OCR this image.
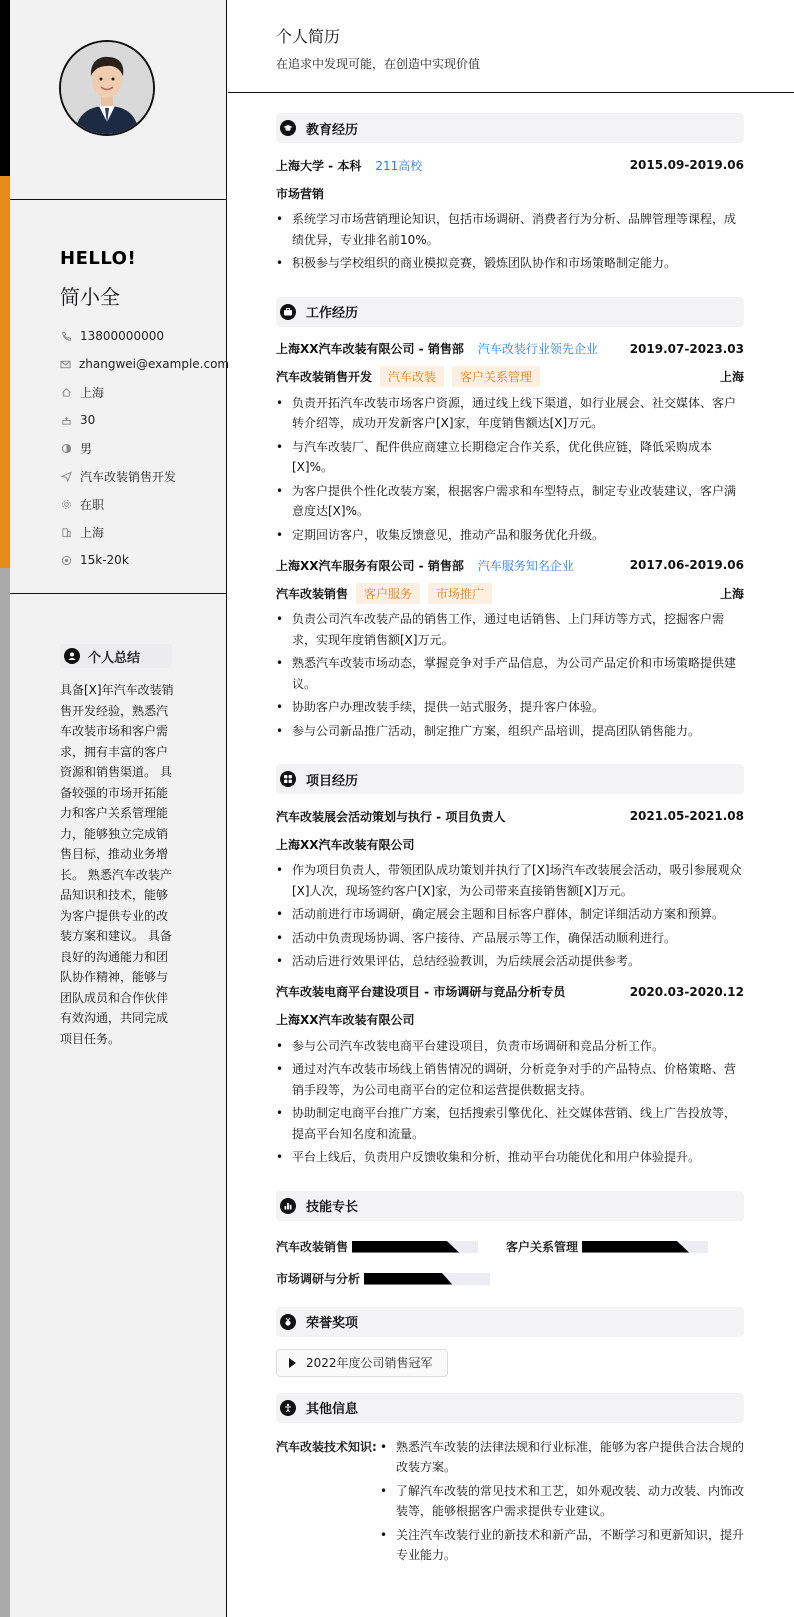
HELLO!
简小全
13800000000
zhangwei@example.com
上海
30
男
汽车改装销售开发
在职
上海
15k-20k
个人总结
具备[X]年汽车改装销售开发经验，熟悉汽车改装市场和客户需求，拥有丰富的客户资源和销售渠道。 具备较强的市场开拓能力和客户关系管理能力，能够独立完成销售目标，推动业务增长。 熟悉汽车改装产品知识和技术，能够为客户提供专业的改装方案和建议。 具备良好的沟通能力和团队协作精神，能够与团队成员和合作伙伴有效沟通，共同完成项目任务。
个人简历
在追求中发现可能，在创造中实现价值
教育经历
上海大学 - 本科 211高校	2015.09-2019.06
市场营销
• 系统学习市场营销理论知识，包括市场调研、消费者行为分析、品牌管理等课程，成绩优异，专业排名前10%。
• 积极参与学校组织的商业模拟竞赛，锻炼团队协作和市场策略制定能力。
工作经历
上海XX汽车改装有限公司 - 销售部 汽车改装行业领先企业	2019.07-2023.03
汽车改装销售开发	汽车改装	客户关系管理	上海
• 负责开拓汽车改装市场客户资源，通过线上线下渠道，如行业展会、社交媒体、客户转介绍等，成功开发新客户[X]家，年度销售额达[X]万元。
• 与汽车改装厂、配件供应商建立长期稳定合作关系，优化供应链，降低采购成本[X]%。
• 为客户提供个性化改装方案，根据客户需求和车型特点，制定专业改装建议，客户满意度达[X]%。
• 定期回访客户，收集反馈意见，推动产品和服务优化升级。
上海XX汽车服务有限公司 - 销售部 汽车服务知名企业	2017.06-2019.06
汽车改装销售	客户服务	市场推广	上海
• 负责公司汽车改装产品的销售工作，通过电话销售、上门拜访等方式，挖掘客户需求，实现年度销售额[X]万元。
• 熟悉汽车改装市场动态，掌握竞争对手产品信息，为公司产品定价和市场策略提供建议。
• 协助客户办理改装手续，提供一站式服务，提升客户体验。
• 参与公司新品推广活动，制定推广方案，组织产品培训，提高团队销售能力。
项目经历
汽车改装展会活动策划与执行 - 项目负责人	2021.05-2021.08
上海XX汽车改装有限公司
• 作为项目负责人，带领团队成功策划并执行了[X]场汽车改装展会活动，吸引参展观众[X]人次，现场签约客户[X]家，为公司带来直接销售额[X]万元。
• 活动前进行市场调研，确定展会主题和目标客户群体，制定详细活动方案和预算。
• 活动中负责现场协调、客户接待、产品展示等工作，确保活动顺利进行。
• 活动后进行效果评估，总结经验教训，为后续展会活动提供参考。
汽车改装电商平台建设项目 - 市场调研与竞品分析专员	2020.03-2020.12
上海XX汽车改装有限公司
• 参与公司汽车改装电商平台建设项目，负责市场调研和竞品分析工作。
• 通过对汽车改装市场线上销售情况的调研，分析竞争对手的产品特点、价格策略、营销手段等，为公司电商平台的定位和运营提供数据支持。
• 协助制定电商平台推广方案，包括搜索引擎优化、社交媒体营销、线上广告投放等，提高平台知名度和流量。
• 平台上线后，负责用户反馈收集和分析，推动平台功能优化和用户体验提升。
技能专长
汽车改装销售	客户关系管理
市场调研与分析
荣誉奖项
2022年度公司销售冠军
其他信息
汽车改装技术知识:
•	熟悉汽车改装的法律法规和行业标准，能够为客户提供合法合规的改装方案。
• 了解汽车改装的常见技术和工艺，如外观改装、动力改装、内饰改装等，能够根据客户需求提供专业建议。
• 关注汽车改装行业的新技术和新产品，不断学习和更新知识，提升专业能力。
